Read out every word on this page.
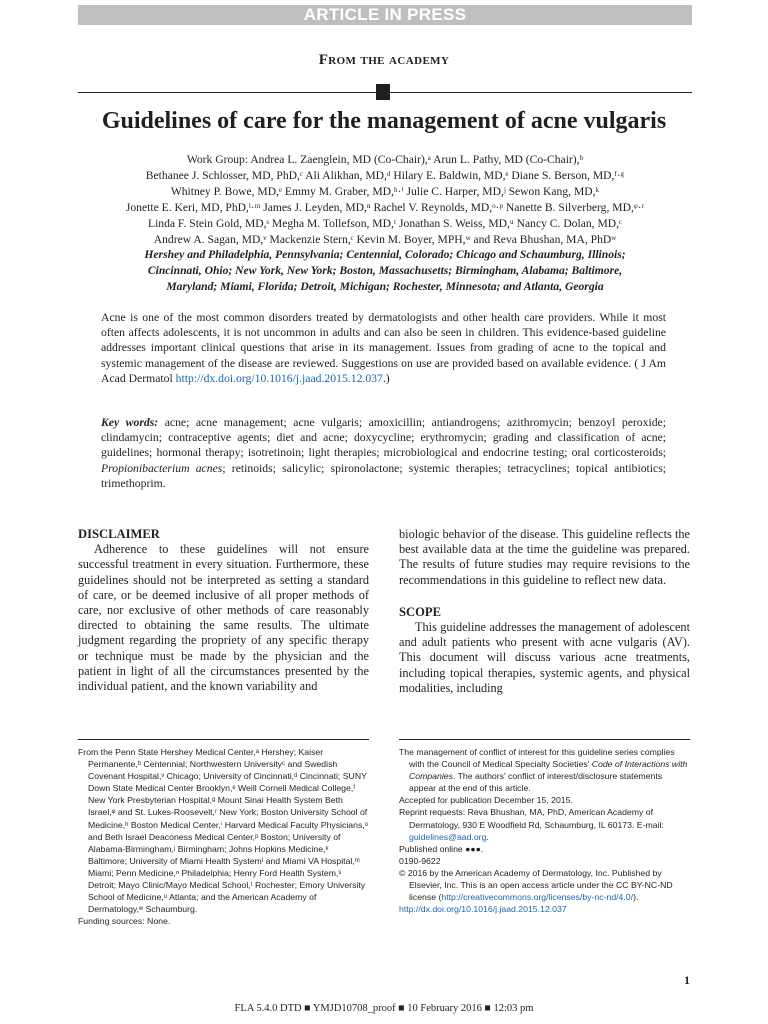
ARTICLE IN PRESS
From the academy
Guidelines of care for the management of acne vulgaris
Work Group: Andrea L. Zaenglein, MD (Co-Chair),ᵃ Arun L. Pathy, MD (Co-Chair),ᵇ
Bethanee J. Schlosser, MD, PhD,ᶜ Ali Alikhan, MD,ᵈ Hilary E. Baldwin, MD,ᵉ Diane S. Berson, MD,ᶠ·ᵍ
Whitney P. Bowe, MD,ᵉ Emmy M. Graber, MD,ʰ·ⁱ Julie C. Harper, MD,ʲ Sewon Kang, MD,ᵏ
Jonette E. Keri, MD, PhD,ˡ·ᵐ James J. Leyden, MD,ⁿ Rachel V. Reynolds, MD,ᵒ·ᵖ Nanette B. Silverberg, MD,ᵠ·ʳ
Linda F. Stein Gold, MD,ˢ Megha M. Tollefson, MD,ᵗ Jonathan S. Weiss, MD,ᵘ Nancy C. Dolan, MD,ᶜ
Andrew A. Sagan, MD,ᵛ Mackenzie Stern,ᶜ Kevin M. Boyer, MPH,ʷ and Reva Bhushan, MA, PhDʷ
Hershey and Philadelphia, Pennsylvania; Centennial, Colorado; Chicago and Schaumburg, Illinois;
Cincinnati, Ohio; New York, New York; Boston, Massachusetts; Birmingham, Alabama; Baltimore,
Maryland; Miami, Florida; Detroit, Michigan; Rochester, Minnesota; and Atlanta, Georgia
Acne is one of the most common disorders treated by dermatologists and other health care providers. While it most often affects adolescents, it is not uncommon in adults and can also be seen in children. This evidence-based guideline addresses important clinical questions that arise in its management. Issues from grading of acne to the topical and systemic management of the disease are reviewed. Suggestions on use are provided based on available evidence. ( J Am Acad Dermatol http://dx.doi.org/10.1016/j.jaad.2015.12.037.)
Key words: acne; acne management; acne vulgaris; amoxicillin; antiandrogens; azithromycin; benzoyl peroxide; clindamycin; contraceptive agents; diet and acne; doxycycline; erythromycin; grading and classification of acne; guidelines; hormonal therapy; isotretinoin; light therapies; microbiological and endocrine testing; oral corticosteroids; Propionibacterium acnes; retinoids; salicylic; spironolactone; systemic therapies; tetracyclines; topical antibiotics; trimethoprim.
DISCLAIMER

Adherence to these guidelines will not ensure successful treatment in every situation. Furthermore, these guidelines should not be interpreted as setting a standard of care, or be deemed inclusive of all proper methods of care, nor exclusive of other methods of care reasonably directed to obtaining the same results. The ultimate judgment regarding the propriety of any specific therapy or technique must be made by the physician and the patient in light of all the circumstances presented by the individual patient, and the known variability and

biologic behavior of the disease. This guideline reflects the best available data at the time the guideline was prepared. The results of future studies may require revisions to the recommendations in this guideline to reflect new data.

SCOPE

This guideline addresses the management of adolescent and adult patients who present with acne vulgaris (AV). This document will discuss various acne treatments, including topical therapies, systemic agents, and physical modalities, including

From the Penn State Hershey Medical Center,ᵃ Hershey; Kaiser Permanente,ᵇ Centennial; Northwestern Universityᶜ and Swedish Covenant Hospital,ᵛ Chicago; University of Cincinnati,ᵈ Cincinnati; SUNY Down State Medical Center Brooklyn,ᵉ Weill Cornell Medical College,ᶠ New York Presbyterian Hospital,ᵍ Mount Sinai Health System Beth Israel,ᵠ and St. Lukes-Roosevelt,ʳ New York; Boston University School of Medicine,ʰ Boston Medical Center,ⁱ Harvard Medical Faculty Physicians,ᵒ and Beth Israel Deaconess Medical Center,ᵖ Boston; University of Alabama-Birmingham,ʲ Birmingham; Johns Hopkins Medicine,ᵏ Baltimore; University of Miami Health Systemˡ and Miami VA Hospital,ᵐ Miami; Penn Medicine,ⁿ Philadelphia; Henry Ford Health System,ˢ Detroit; Mayo Clinic/Mayo Medical School,ᵗ Rochester; Emory University School of Medicine,ᵘ Atlanta; and the American Academy of Dermatology,ʷ Schaumburg.

Funding sources: None.

The management of conflict of interest for this guideline series complies with the Council of Medical Specialty Societies' Code of Interactions with Companies. The authors' conflict of interest/disclosure statements appear at the end of this article.

Accepted for publication December 15, 2015.

Reprint requests: Reva Bhushan, MA, PhD, American Academy of Dermatology, 930 E Woodfield Rd, Schaumburg, IL 60173. E-mail: guidelines@aad.org.

Published online ●●●.

0190-9622

© 2016 by the American Academy of Dermatology, Inc. Published by Elsevier, Inc. This is an open access article under the CC BY-NC-ND license (http://creativecommons.org/licenses/by-nc-nd/4.0/).

http://dx.doi.org/10.1016/j.jaad.2015.12.037

1
FLA 5.4.0 DTD ■ YMJD10708_proof ■ 10 February 2016 ■ 12:03 pm
